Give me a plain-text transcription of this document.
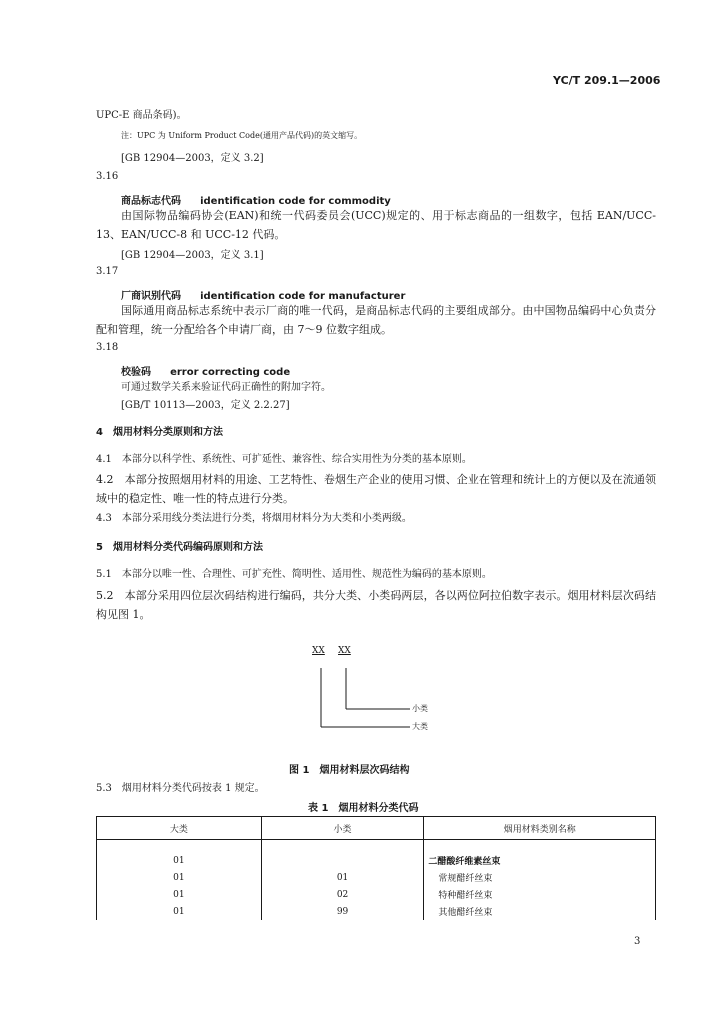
YC/T 209.1—2006
UPC-E 商品条码)。
注：UPC 为 Uniform Product Code(通用产品代码)的英文缩写。
[GB 12904—2003，定义 3.2]
3.16
商品标志代码 identification code for commodity
由国际物品编码协会(EAN)和统一代码委员会(UCC)规定的、用于标志商品的一组数字，包括 EAN/UCC-13、EAN/UCC-8 和 UCC-12 代码。
[GB 12904—2003，定义 3.1]
3.17
厂商识别代码 identification code for manufacturer
国际通用商品标志系统中表示厂商的唯一代码，是商品标志代码的主要组成部分。由中国物品编码中心负责分配和管理，统一分配给各个申请厂商，由 7～9 位数字组成。
3.18
校验码 error correcting code
可通过数学关系来验证代码正确性的附加字符。
[GB/T 10113—2003，定义 2.2.27]
4　烟用材料分类原则和方法
4.1　本部分以科学性、系统性、可扩延性、兼容性、综合实用性为分类的基本原则。
4.2　本部分按照烟用材料的用途、工艺特性、卷烟生产企业的使用习惯、企业在管理和统计上的方便以及在流通领域中的稳定性、唯一性的特点进行分类。
4.3　本部分采用线分类法进行分类，将烟用材料分为大类和小类两级。
5　烟用材料分类代码编码原则和方法
5.1　本部分以唯一性、合理性、可扩充性、简明性、适用性、规范性为编码的基本原则。
5.2　本部分采用四位层次码结构进行编码，共分大类、小类码两层，各以两位阿拉伯数字表示。烟用材料层次码结构见图 1。
XX XX
小类
大类
图 1　烟用材料层次码结构
5.3　烟用材料分类代码按表 1 规定。
表 1　烟用材料分类代码
大类	小类	烟用材料类别名称
01		二醋酸纤维素丝束
01	01	常规醋纤丝束
01	02	特种醋纤丝束
01	99	其他醋纤丝束
3
